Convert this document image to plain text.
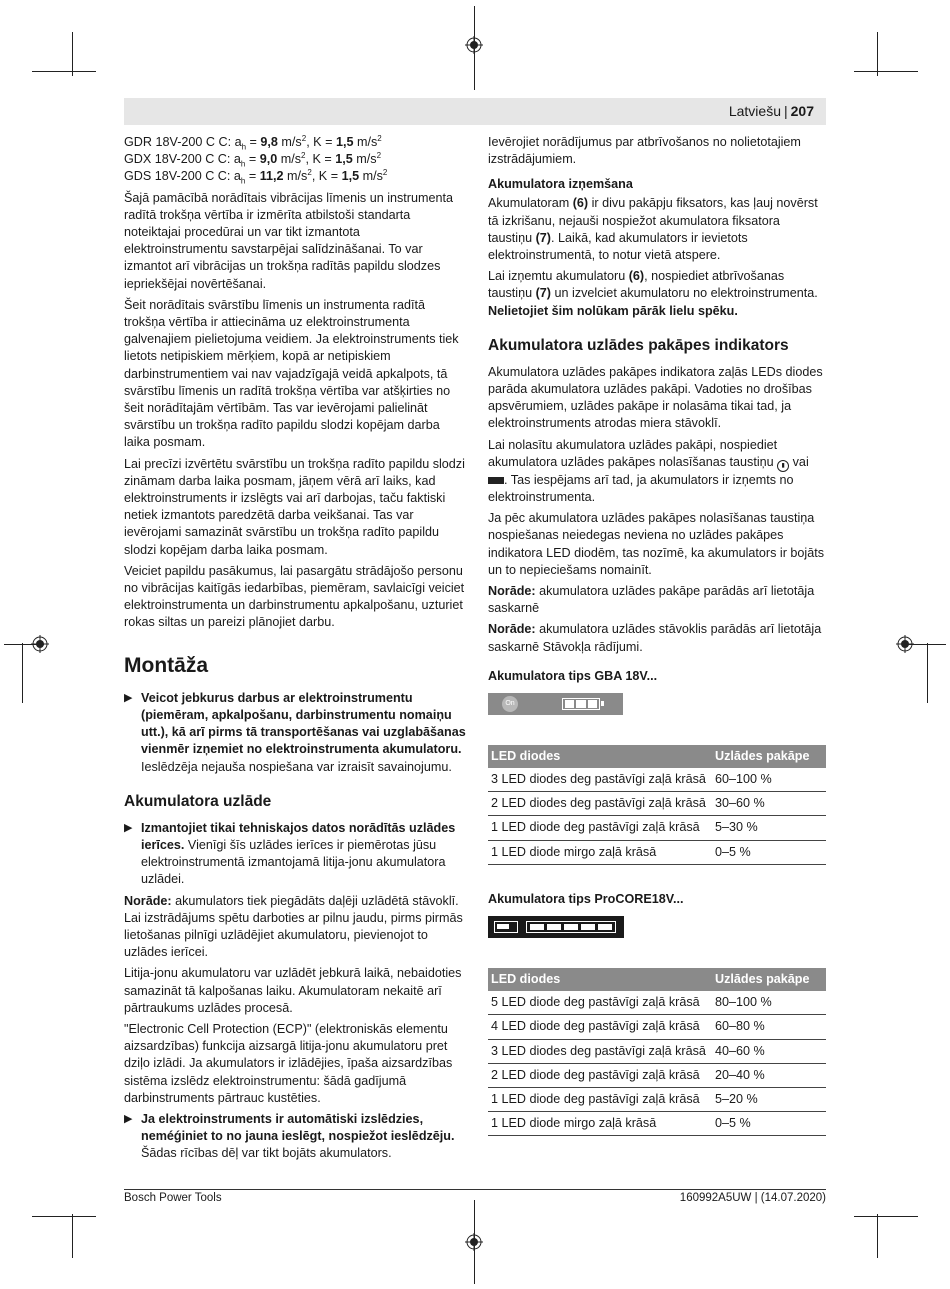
Latviešu | 207
GDR 18V-200 C C: $a_h = 9,8$ $m/s^2$, K = 1,5 $m/s^2$
GDX 18V-200 C C: $a_h = 9,0$ $m/s^2$, K = 1,5 $m/s^2$
GDS 18V-200 C C: $a_h = 11,2$ $m/s^2$, K = 1,5 $m/s^2$

Šajā pamācībā norādītais vibrācijas līmenis un instrumenta radītā trokšņa vērtība ir izmērīta atbilstoši standarta noteiktajai procedūrai un var tikt izmantota elektroinstrumentu savstarpējai salīdzināšanai. To var izmantot arī vibrācijas un trokšņa radītās papildu slodzes iepriekšējai novērtēšanai.

Šeit norādītais svārstību līmenis un instrumenta radītā trokšņa vērtība ir attiecināma uz elektroinstrumenta galvenajiem pielietojuma veidiem. Ja elektroinstruments tiek lietots netipiskiem mērķiem, kopā ar netipiskiem darbinstrumentiem vai nav vajadzīgajā veidā apkalpots, tā svārstību līmenis un radītā trokšņa vērtība var atšķirties no šeit norādītajām vērtībām. Tas var ievērojami palielināt svārstību un trokšņa radīto papildu slodzi kopējam darba laika posmam.

Lai precīzi izvērtētu svārstību un trokšņa radīto papildu slodzi zināmam darba laika posmam, jāņem vērā arī laiks, kad elektroinstruments ir izslēgts vai arī darbojas, taču faktiski netiek izmantots paredzētā darba veikšanai. Tas var ievērojami samazināt svārstību un trokšņa radīto papildu slodzi kopējam darba laika posmam.

Veiciet papildu pasākumus, lai pasargātu strādājošo personu no vibrācijas kaitīgās iedarbības, piemēram, savlaicīgi veiciet elektroinstrumenta un darbinstrumentu apkalpošanu, uzturiet rokas siltas un pareizi plānojiet darbu.

Montāža
▶ Veicot jebkurus darbus ar elektroinstrumentu (piemēram, apkalpošanu, darbinstrumentu nomaiņu utt.), kā arī pirms tā transportēšanas vai uzglabāšanas vienmēr izņemiet no elektroinstrumenta akumulatoru. Ieslēdzēja nejauša nospiešana var izraisīt savainojumu.
Akumulatora uzlāde
▶ Izmantojiet tikai tehniskajos datos norādītās uzlādes ierīces. Vienīgi šīs uzlādes ierīces ir piemērotas jūsu elektroinstrumentā izmantojamā litija-jonu akumulatora uzlādei.

Norāde: akumulators tiek piegādāts daļēji uzlādētā stāvoklī. Lai izstrādājums spētu darboties ar pilnu jaudu, pirms pirmās lietošanas pilnīgi uzlādējiet akumulatoru, pievienojot to uzlādes ierīcei.

Litija-jonu akumulatoru var uzlādēt jebkurā laikā, nebaidoties samazināt tā kalpošanas laiku. Akumulatoram nekaitē arī pārtraukums uzlādes procesā.

"Electronic Cell Protection (ECP)" (elektroniskās elementu aizsardzības) funkcija aizsargā litija-jonu akumulatoru pret dziļo izlādi. Ja akumulators ir izlādējies, īpaša aizsardzības sistēma izslēdz elektroinstrumentu: šādā gadījumā darbinstruments pārtrauc kustēties.

▶ Ja elektroinstruments ir automātiski izslēdzies, neméǵiniet to no jauna ieslēgt, nospiežot ieslēdzēju. Šādas rīcības dēļ var tikt bojāts akumulators.

Ievērojiet norādījumus par atbrīvošanos no nolietotajiem izstrādājumiem.

Akumulatora izņemšana

Akumulatoram (6) ir divu pakāpju fiksators, kas ļauj novērst tā izkrišanu, nejauši nospiežot akumulatora fiksatora taustiņu (7). Laikā, kad akumulators ir ievietots elektroinstrumentā, to notur vietā atspere.

Lai izņemtu akumulatoru (6), nospiediet atbrīvošanas taustiņu (7) un izvelciet akumulatoru no elektroinstrumenta. Nelietojiet šim nolūkam pārāk lielu spēku.

Akumulatora uzlādes pakāpes indikators

Akumulatora uzlādes pakāpes indikatora zaļās LEDs diodes parāda akumulatora uzlādes pakāpi. Vadoties no drošības apsvērumiem, uzlādes pakāpe ir nolasāma tikai tad, ja elektroinstruments atrodas miera stāvoklī.

Lai nolasītu akumulatora uzlādes pakāpi, nospiediet akumulatora uzlādes pakāpes nolasīšanas taustiņu ▮ vai . Tas iespējams arī tad, ja akumulators ir izņemts no elektroinstrumenta.

Ja pēc akumulatora uzlādes pakāpes nolasīšanas taustiņa nospiešanas neiedegas neviena no uzlādes pakāpes indikatora LED diodēm, tas nozīmē, ka akumulators ir bojāts un to nepieciešams nomainīt.

Norāde: akumulatora uzlādes pakāpe parādās arī lietotāja saskarnē

Norāde: akumulatora uzlādes stāvoklis parādās arī lietotāja saskarnē Stāvokļa rādījumi.

Akumulatora tips GBA 18V...
On
LED diodes	Uzlādes pakāpe
3 LED diodes deg pastāvīgi zaļā krāsā	60–100 %
2 LED diodes deg pastāvīgi zaļā krāsā	30–60 %
1 LED diode deg pastāvīgi zaļā krāsā	5–30 %
1 LED diode mirgo zaļā krāsā	0–5 %
Akumulatora tips ProCORE18V...
LED diodes	Uzlādes pakāpe
5 LED diode deg pastāvīgi zaļā krāsā	80–100 %
4 LED diode deg pastāvīgi zaļā krāsā	60–80 %
3 LED diodes deg pastāvīgi zaļā krāsā	40–60 %
2 LED diode deg pastāvīgi zaļā krāsā	20–40 %
1 LED diode deg pastāvīgi zaļā krāsā	5–20 %
1 LED diode mirgo zaļā krāsā	0–5 %
Bosch Power Tools	160992A5UW | (14.07.2020)
